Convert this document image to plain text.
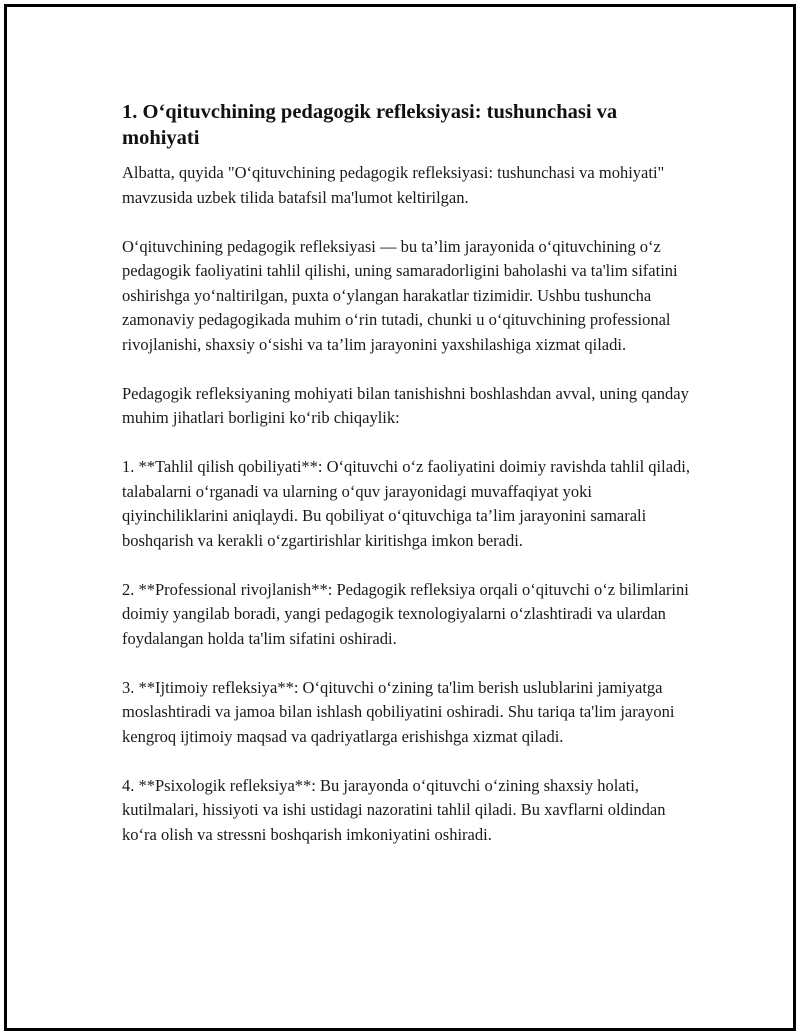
1. O‘qituvchining pedagogik refleksiyasi: tushunchasi va mohiyati

Albatta, quyida "O‘qituvchining pedagogik refleksiyasi: tushunchasi va mohiyati" mavzusida uzbek tilida batafsil ma'lumot keltirilgan.

O‘qituvchining pedagogik refleksiyasi — bu ta’lim jarayonida o‘qituvchining o‘z pedagogik faoliyatini tahlil qilishi, uning samaradorligini baholashi va ta'lim sifatini oshirishga yo‘naltirilgan, puxta o‘ylangan harakatlar tizimidir. Ushbu tushuncha zamonaviy pedagogikada muhim o‘rin tutadi, chunki u o‘qituvchining professional rivojlanishi, shaxsiy o‘sishi va ta’lim jarayonini yaxshilashiga xizmat qiladi.

Pedagogik refleksiyaning mohiyati bilan tanishishni boshlashdan avval, uning qanday muhim jihatlari borligini ko‘rib chiqaylik:

1. **Tahlil qilish qobiliyati**: O‘qituvchi o‘z faoliyatini doimiy ravishda tahlil qiladi, talabalarni o‘rganadi va ularning o‘quv jarayonidagi muvaffaqiyat yoki qiyinchiliklarini aniqlaydi. Bu qobiliyat o‘qituvchiga ta’lim jarayonini samarali boshqarish va kerakli o‘zgartirishlar kiritishga imkon beradi.

2. **Professional rivojlanish**: Pedagogik refleksiya orqali o‘qituvchi o‘z bilimlarini doimiy yangilab boradi, yangi pedagogik texnologiyalarni o‘zlashtiradi va ulardan foydalangan holda ta'lim sifatini oshiradi.

3. **Ijtimoiy refleksiya**: O‘qituvchi o‘zining ta'lim berish uslublarini jamiyatga moslashtiradi va jamoa bilan ishlash qobiliyatini oshiradi. Shu tariqa ta'lim jarayoni kengroq ijtimoiy maqsad va qadriyatlarga erishishga xizmat qiladi.

4. **Psixologik refleksiya**: Bu jarayonda o‘qituvchi o‘zining shaxsiy holati, kutilmalari, hissiyoti va ishi ustidagi nazoratini tahlil qiladi. Bu xavflarni oldindan ko‘ra olish va stressni boshqarish imkoniyatini oshiradi.
